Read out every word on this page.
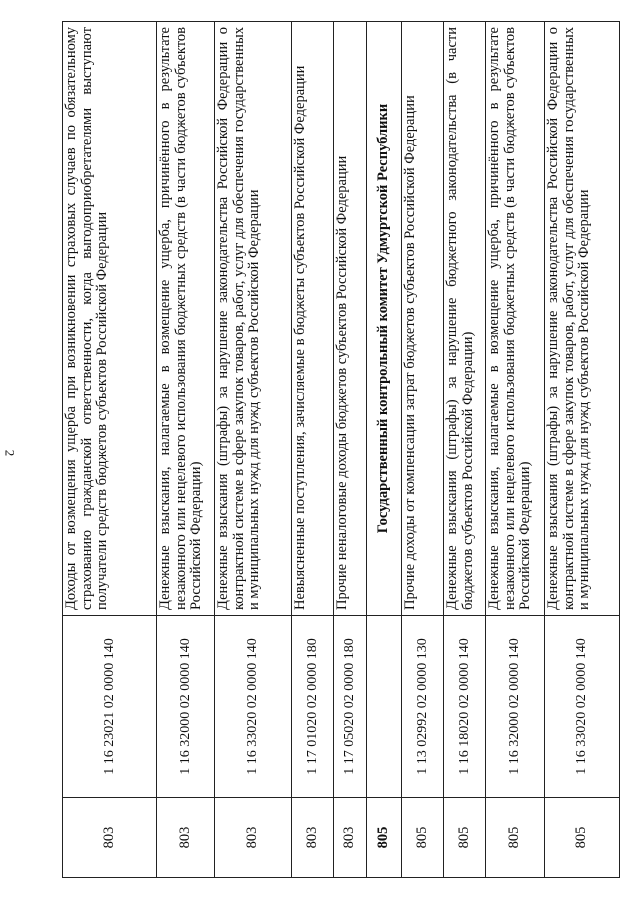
2
803	1 16 23021 02 0000 140	Доходы от возмещения ущерба при возникновении страховых случаев по обязательному страхованию гражданской ответственности, когда выгодоприобретателями выступают получатели средств бюджетов субъектов Российской Федерации
803	1 16 32000 02 0000 140	Денежные взыскания, налагаемые в возмещение ущерба, причинённого в результате незаконного или нецелевого использования бюджетных средств (в части бюджетов субъектов Российской Федерации)
803	1 16 33020 02 0000 140	Денежные взыскания (штрафы) за нарушение законодательства Российской Федерации о контрактной системе в сфере закупок товаров, работ, услуг для обеспечения государственных и муниципальных нужд для нужд субъектов Российской Федерации
803	1 17 01020 02 0000 180	Невыясненные поступления, зачисляемые в бюджеты субъектов Российской Федерации
803	1 17 05020 02 0000 180	Прочие неналоговые доходы бюджетов субъектов Российской Федерации
805		Государственный контрольный комитет Удмуртской Республики
805	1 13 02992 02 0000 130	Прочие доходы от компенсации затрат бюджетов субъектов Российской Федерации
805	1 16 18020 02 0000 140	Денежные взыскания (штрафы) за нарушение бюджетного законодательства (в части бюджетов субъектов Российской Федерации)
805	1 16 32000 02 0000 140	Денежные взыскания, налагаемые в возмещение ущерба, причинённого в результате незаконного или нецелевого использования бюджетных средств (в части бюджетов субъектов Российской Федерации)
805	1 16 33020 02 0000 140	Денежные взыскания (штрафы) за нарушение законодательства Российской Федерации о контрактной системе в сфере закупок товаров, работ, услуг для обеспечения государственных и муниципальных нужд для нужд субъектов Российской Федерации
